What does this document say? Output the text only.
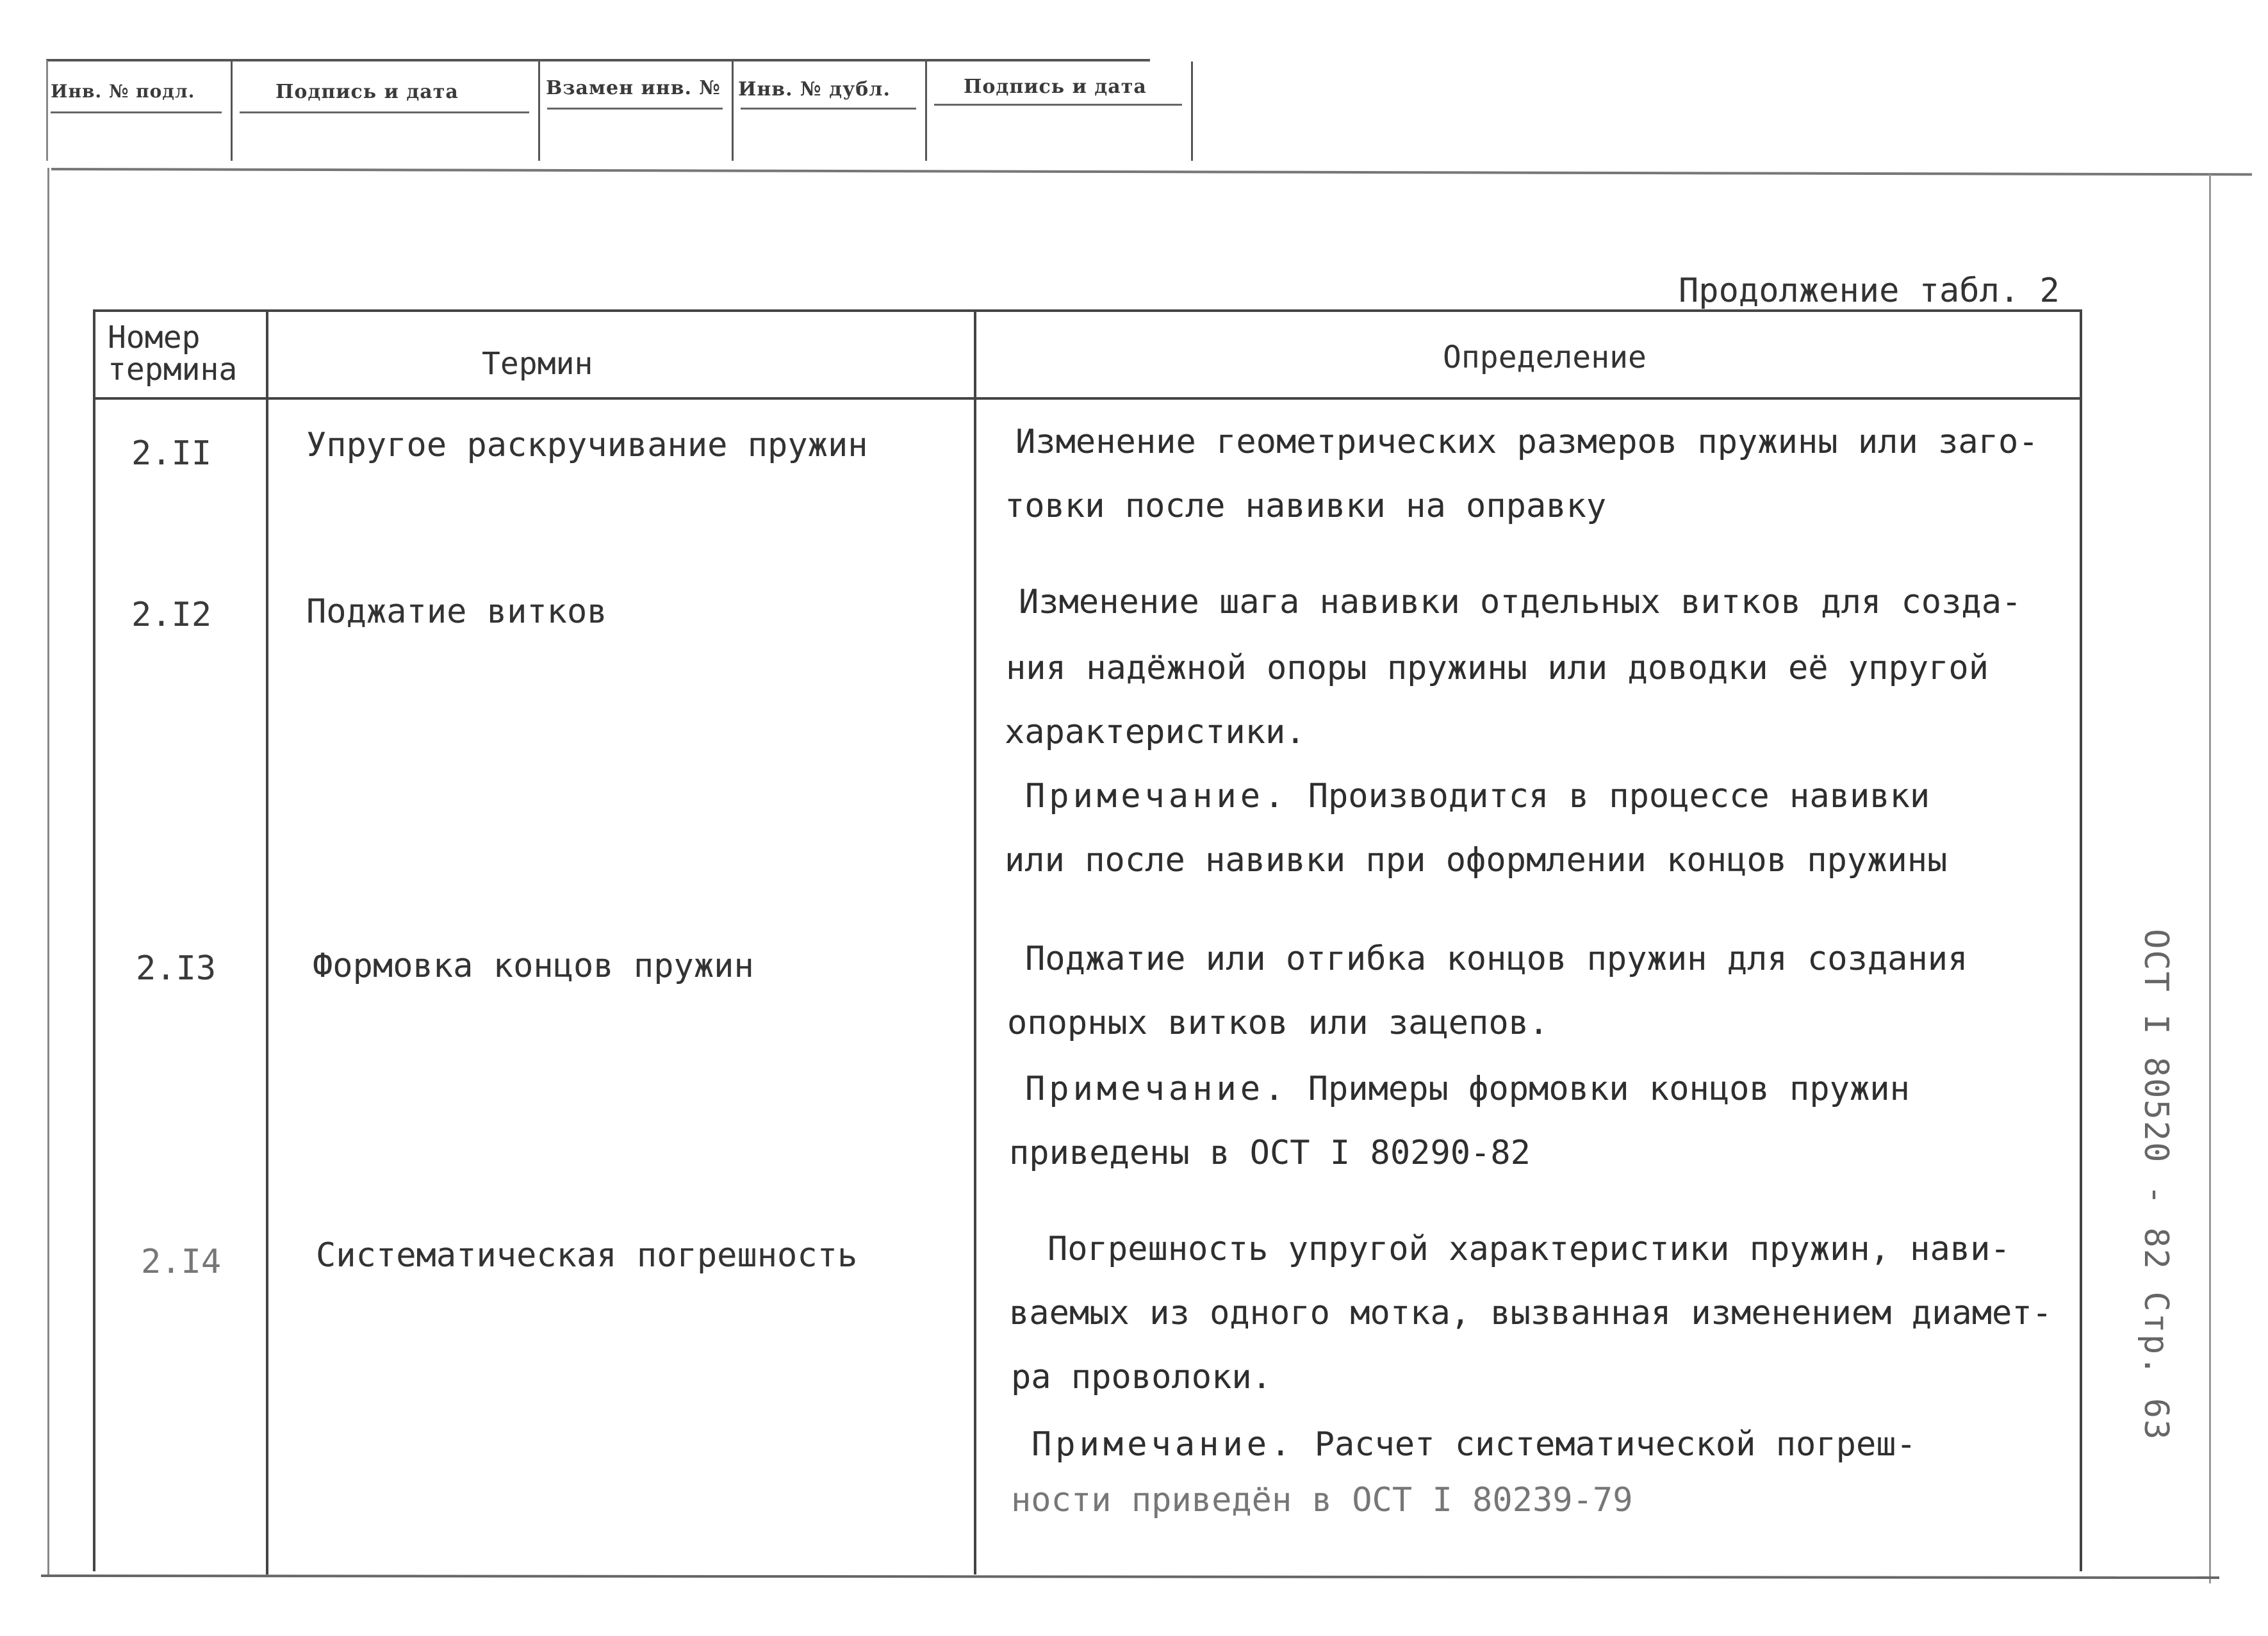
Инв. № подл.	Подпись и дата	Взамен инв. № Инв. № дубл.	Подпись и дата
Продолжение табл. 2
Номер
термина	Термин	Определение
2.II	Упругое раскручивание пружин	Изменение геометрических размеров пружины или заго-
товки после навивки на оправку
2.I2	Поджатие витков	Изменение шага навивки отдельных витков для созда-
ния надёжной опоры пружины или доводки её упругой
характеристики.
Примечание. Производится в процессе навивки
или после навивки при оформлении концов пружины
2.I3	Формовка концов пружин	Поджатие или отгибка концов пружин для создания
опорных витков или зацепов.
Примечание. Примеры формовки концов пружин
приведены в ОСТ I 80290-82
2.I4	Систематическая погрешность	Погрешность упругой характеристики пружин, нави-
ваемых из одного мотка, вызванная изменением диамет-
ра проволоки.
Примечание. Расчет систематической погреш-
ности приведён в ОСТ I 80239-79
ОСТ I 80520 - 82 Стр. 63
